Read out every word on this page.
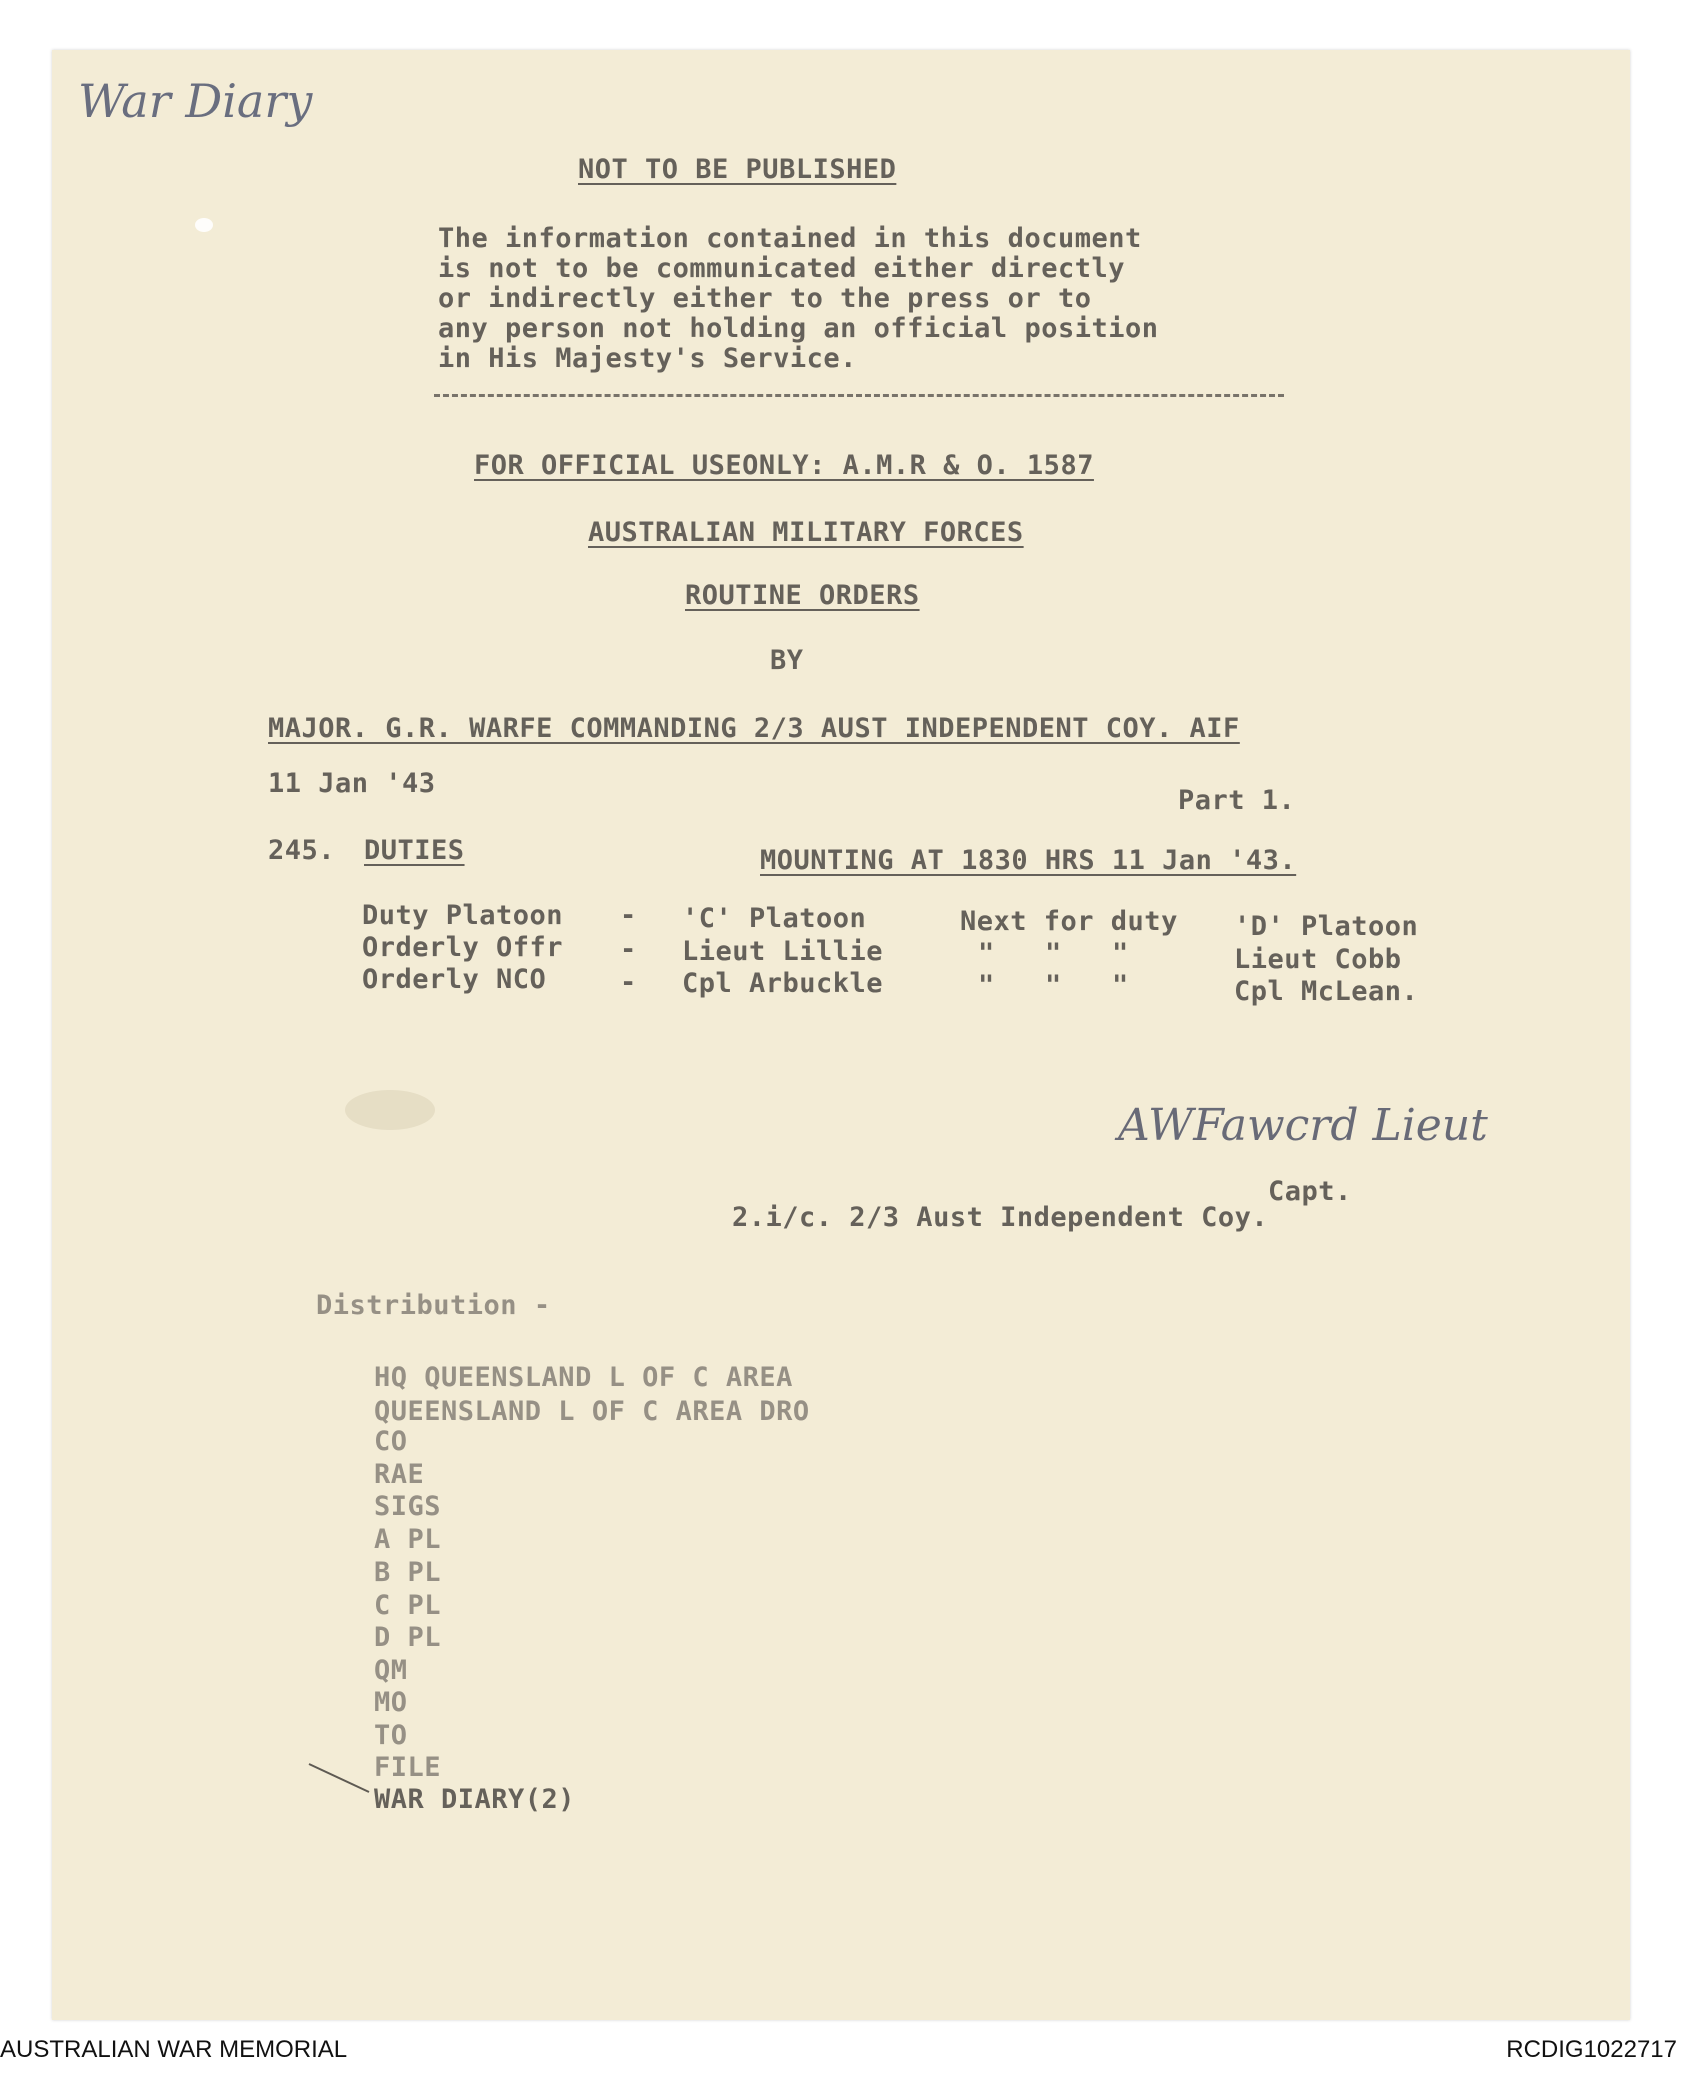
War Diary
NOT TO BE PUBLISHED
The information contained in this document
is not to be communicated either directly
or indirectly either to the press or to
any person not holding an official position
in His Majesty's Service.
FOR OFFICIAL USEONLY: A.M.R & O. 1587
AUSTRALIAN MILITARY FORCES
ROUTINE ORDERS
BY
MAJOR. G.R. WARFE COMMANDING 2/3 AUST INDEPENDENT COY. AIF
11 Jan '43
Part 1.
245. DUTIES	MOUNTING AT 1830 HRS 11 Jan '43.
Duty Platoon - 'C' Platoon	Next for duty 'D' Platoon
Orderly Offr - Lieut Lillie	"   "   "	Lieut Cobb
Orderly NCO	- Cpl Arbuckle	"   "   "	Cpl McLean.
AWFawcrd Lieut
Capt.
2.i/c. 2/3 Aust Independent Coy.
Distribution -
HQ QUEENSLAND L OF C AREA
QUEENSLAND L OF C AREA DRO
CO
RAE
SIGS
A PL
B PL
C PL
D PL
QM
MO
TO
FILE
WAR DIARY(2)
AUSTRALIAN WAR MEMORIAL	RCDIG1022717
